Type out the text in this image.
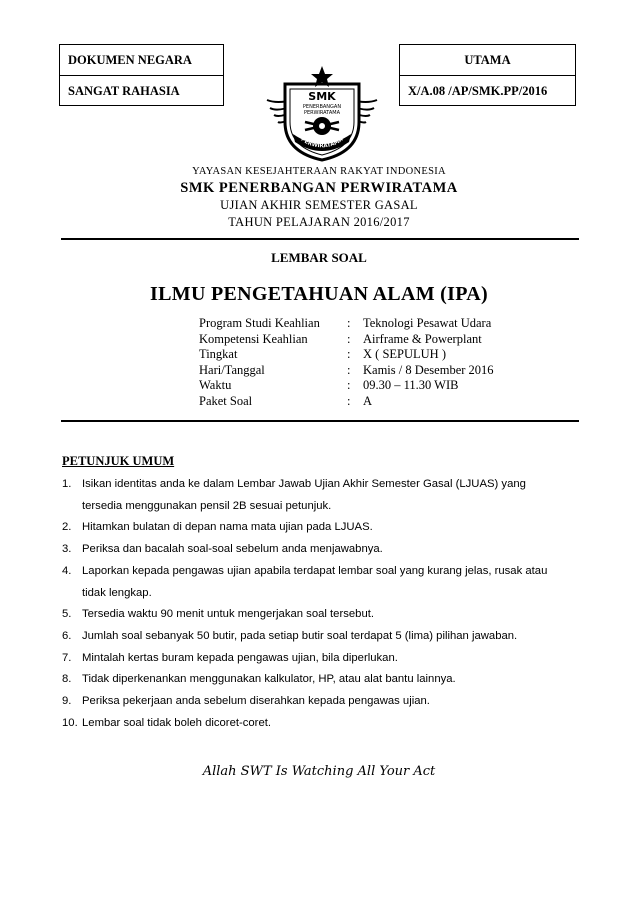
DOKUMEN NEGARA
SANGAT RAHASIA
UTAMA
X/A.08 /AP/SMK.PP/2016
SMK
PENERBANGAN
PERWIRATAMA
PERWIRATAMA
YAYASAN KESEJAHTERAAN RAKYAT INDONESIA
SMK PENERBANGAN PERWIRATAMA
UJIAN AKHIR SEMESTER GASAL
TAHUN PELAJARAN 2016/2017
LEMBAR SOAL
ILMU PENGETAHUAN ALAM (IPA)
Program Studi Keahlian : Teknologi Pesawat Udara
Kompetensi Keahlian	: Airframe & Powerplant
Tingkat	: X ( SEPULUH )
Hari/Tanggal	: Kamis / 8 Desember 2016
Waktu	: 09.30 – 11.30 WIB
Paket Soal	: A
PETUNJUK UMUM
1. Isikan identitas anda ke dalam Lembar Jawab Ujian Akhir Semester Gasal (LJUAS) yang
tersedia menggunakan pensil 2B sesuai petunjuk.
2. Hitamkan bulatan di depan nama mata ujian pada LJUAS.
3. Periksa dan bacalah soal-soal sebelum anda menjawabnya.
4. Laporkan kepada pengawas ujian apabila terdapat lembar soal yang kurang jelas, rusak atau
tidak lengkap.
5. Tersedia waktu 90 menit untuk mengerjakan soal tersebut.
6. Jumlah soal sebanyak 50 butir, pada setiap butir soal terdapat 5 (lima) pilihan jawaban.
7. Mintalah kertas buram kepada pengawas ujian, bila diperlukan.
8. Tidak diperkenankan menggunakan kalkulator, HP, atau alat bantu lainnya.
9. Periksa pekerjaan anda sebelum diserahkan kepada pengawas ujian.
10. Lembar soal tidak boleh dicoret-coret.
Allah SWT Is Watching All Your Act
